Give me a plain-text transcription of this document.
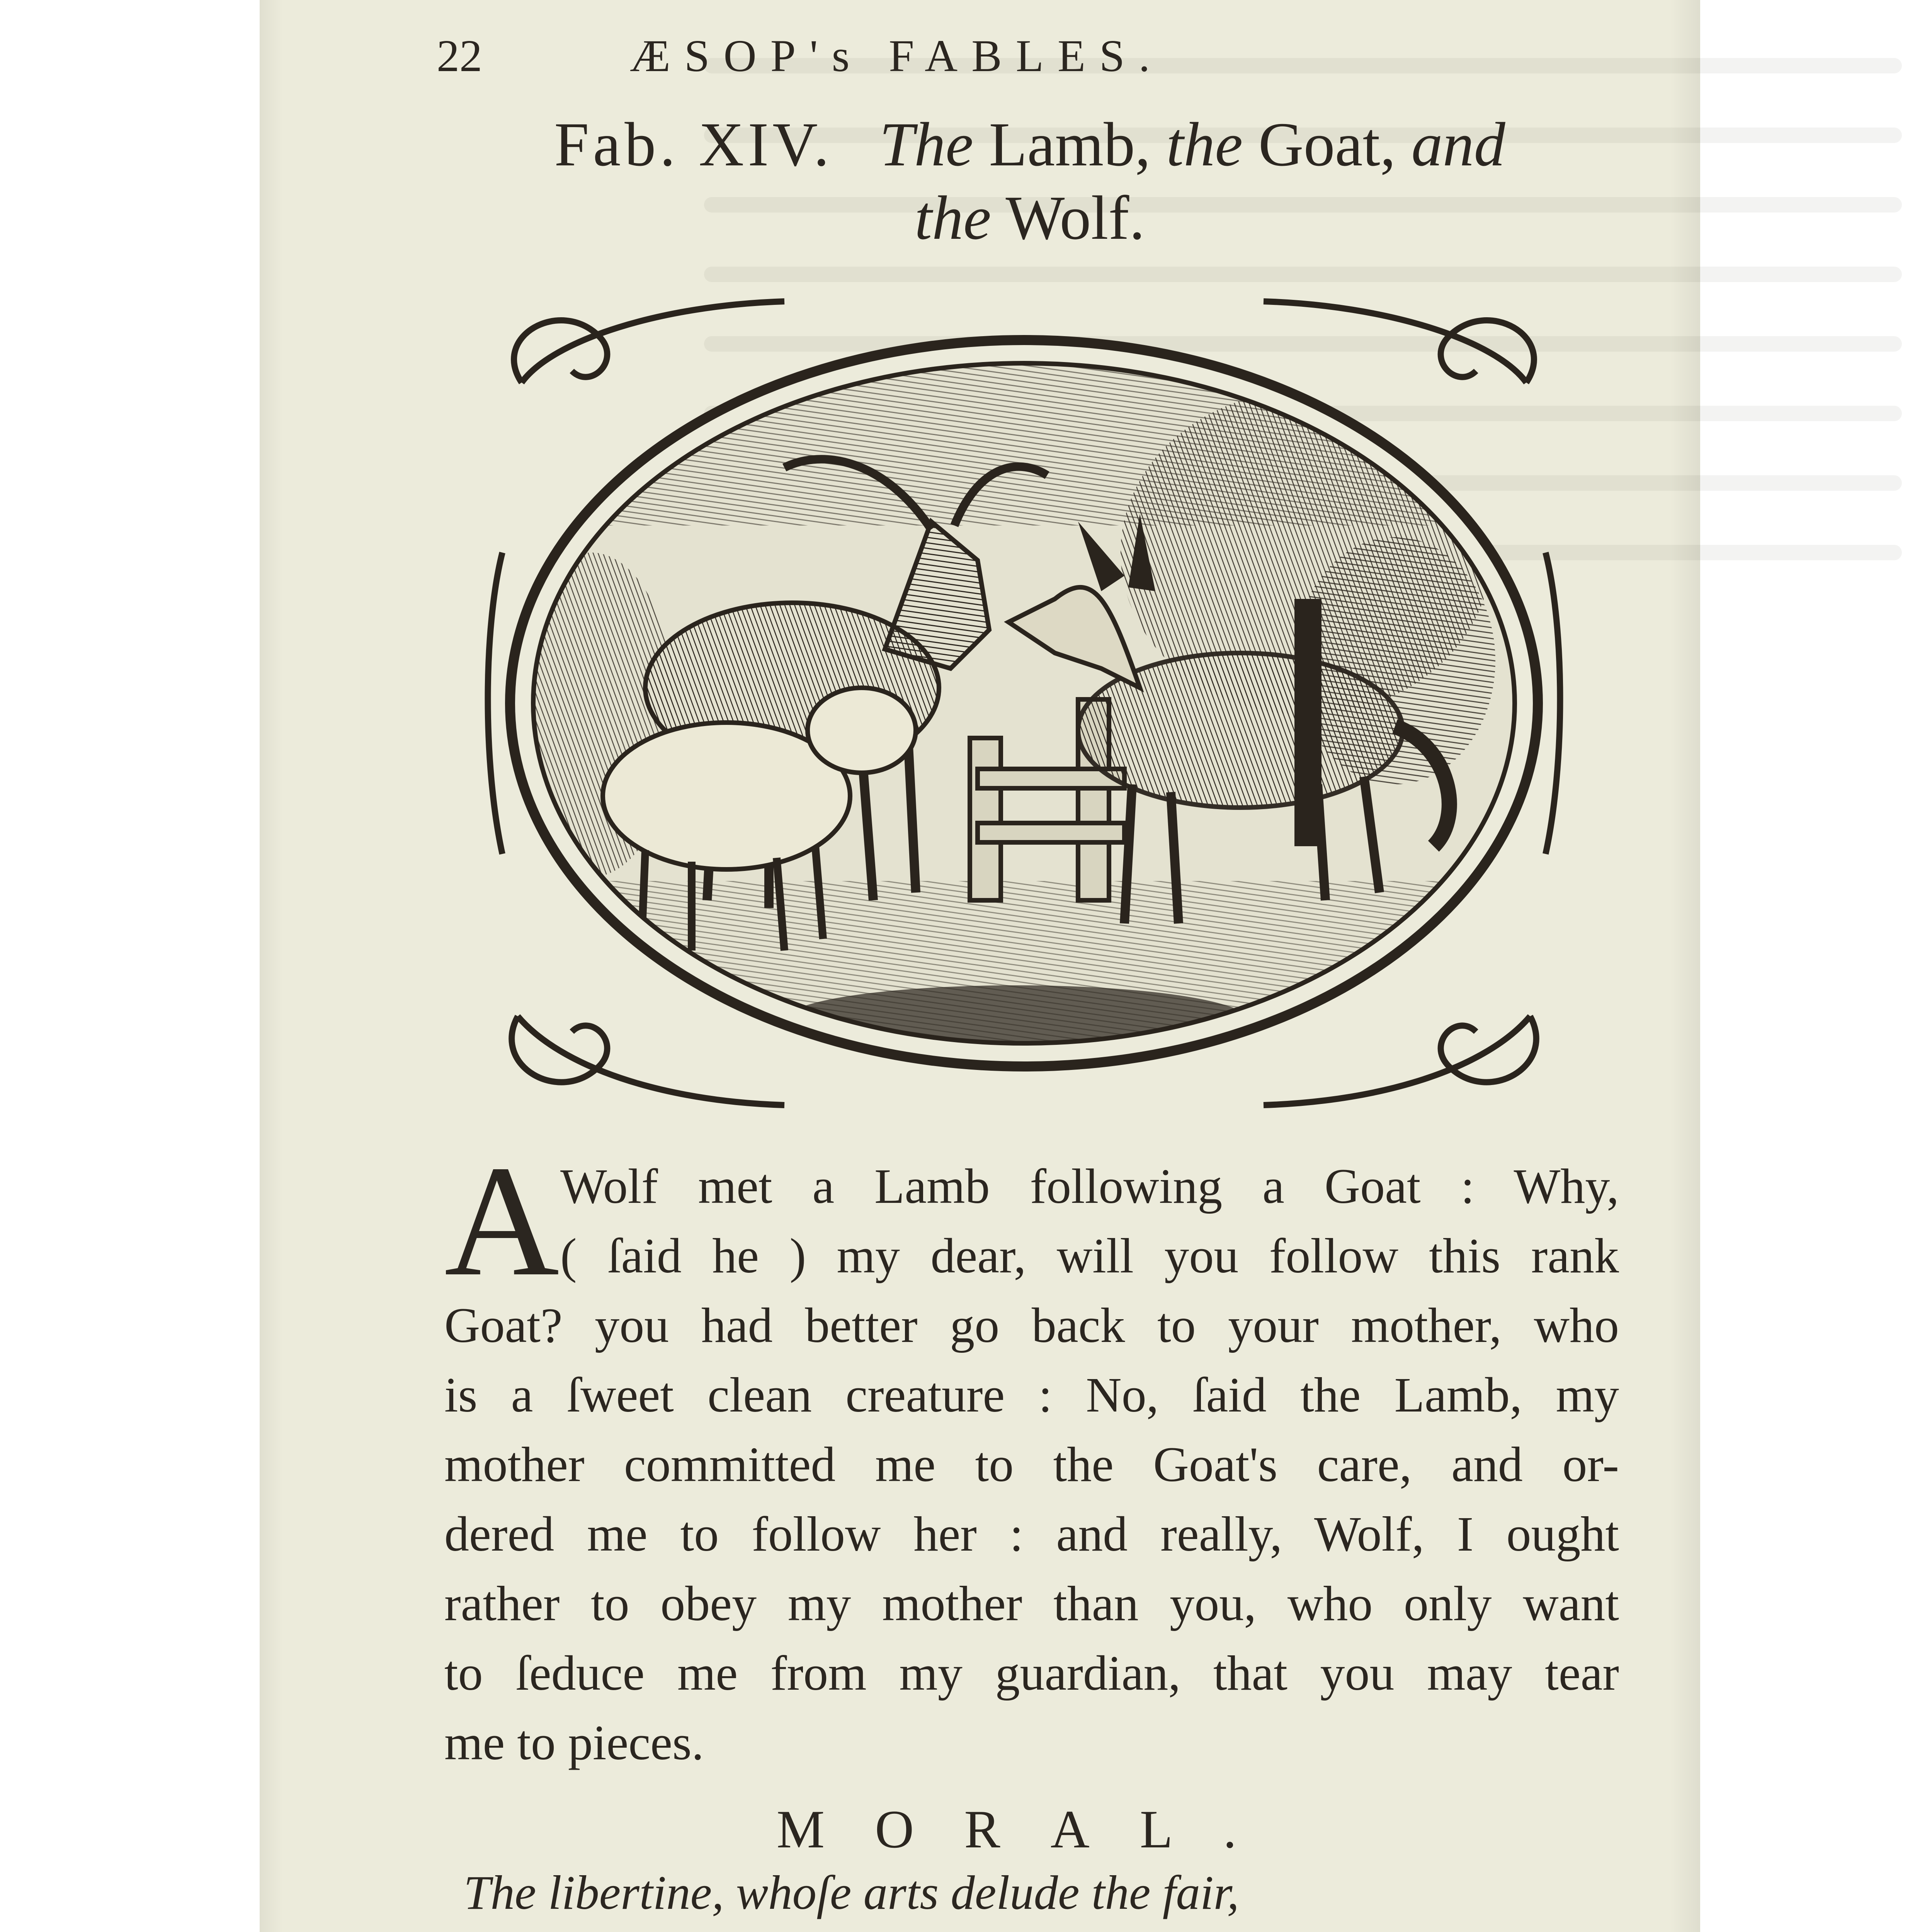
22	ÆSOP's FABLES.
Fab. XIV. The Lamb, the Goat, and
the Wolf.
A Wolf met a Lamb following a Goat : Why,
( ſaid he ) my dear, will you follow this rank
Goat? you had better go back to your mother, who
is a ſweet clean creature : No, ſaid the Lamb, my
mother committed me to the Goat's care, and or-
dered me to follow her : and really, Wolf, I ought
rather to obey my mother than you, who only want
to ſeduce me from my guardian, that you may tear
me to pieces.
MORAL.
The libertine, whoſe arts delude the fair,
